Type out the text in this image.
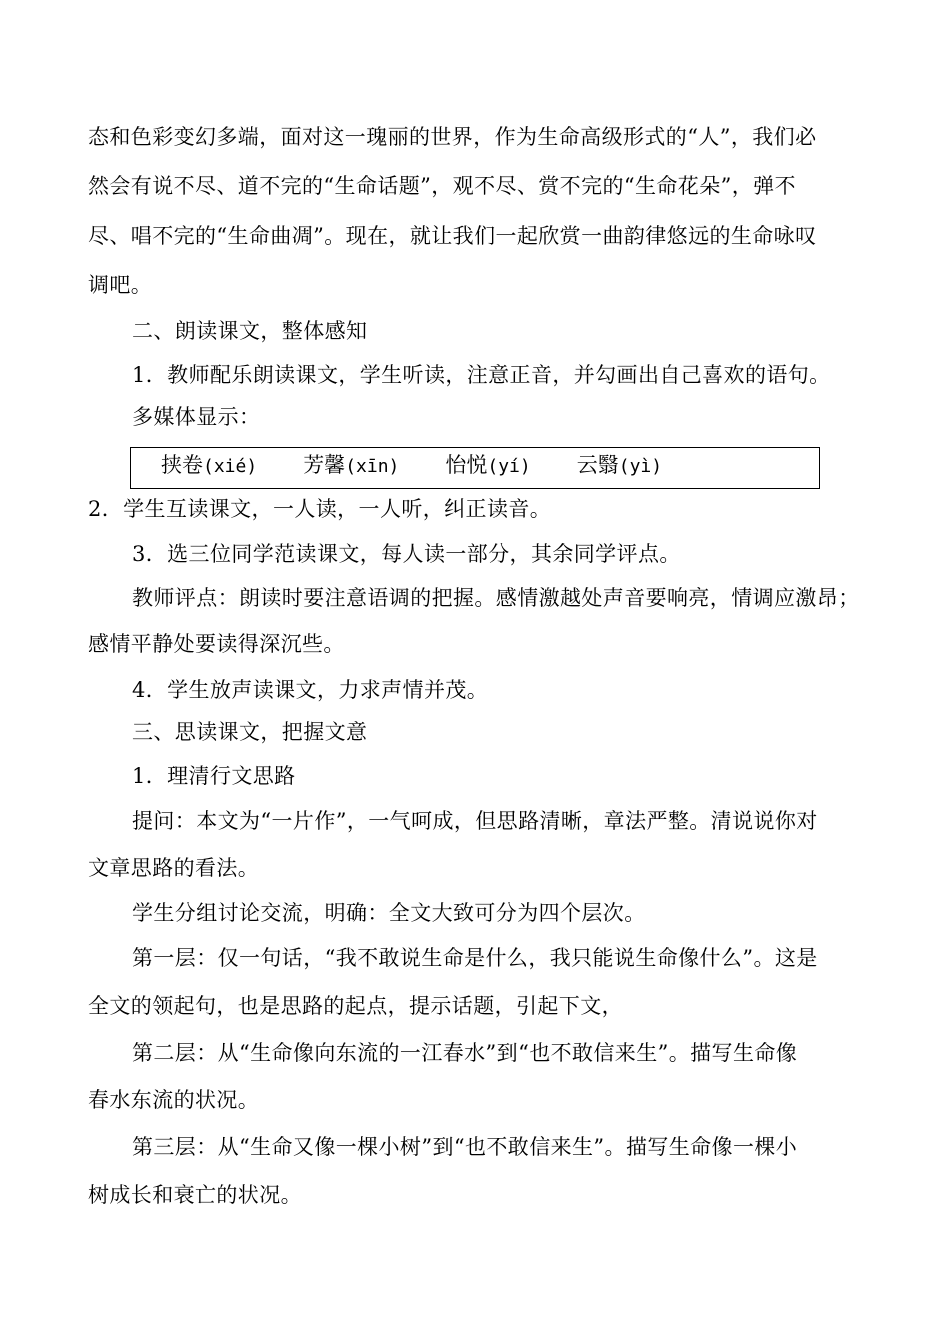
态和色彩变幻多端，面对这一瑰丽的世界，作为生命高级形式的“人”，我们必
然会有说不尽、道不完的“生命话题”，观不尽、赏不完的“生命花朵”，弹不
尽、唱不完的“生命曲凋”。现在，就让我们一起欣赏一曲韵律悠远的生命咏叹
调吧。
二、朗读课文，整体感知
1．教师配乐朗读课文，学生听读，注意正音，并勾画出自己喜欢的语句。
多媒体显示：
挟卷(xié) 芳馨(xīn) 怡悦(yí) 云翳(yì)
2．学生互读课文，一人读，一人听，纠正读音。
3．选三位同学范读课文，每人读一部分，其余同学评点。
教师评点：朗读时要注意语调的把握。感情激越处声音要响亮，情调应激昂；
感情平静处要读得深沉些。
4．学生放声读课文，力求声情并茂。
三、思读课文，把握文意
1．理清行文思路
提问：本文为“一片作”，一气呵成，但思路清晰，章法严整。清说说你对
文章思路的看法。
学生分组讨论交流，明确：全文大致可分为四个层次。
第一层：仅一句话，“我不敢说生命是什么，我只能说生命像什么”。这是
全文的领起句，也是思路的起点，提示话题，引起下文，
第二层：从“生命像向东流的一江春水”到“也不敢信来生”。描写生命像
春水东流的状况。
第三层：从“生命又像一棵小树”到“也不敢信来生”。描写生命像一棵小
树成长和衰亡的状况。
